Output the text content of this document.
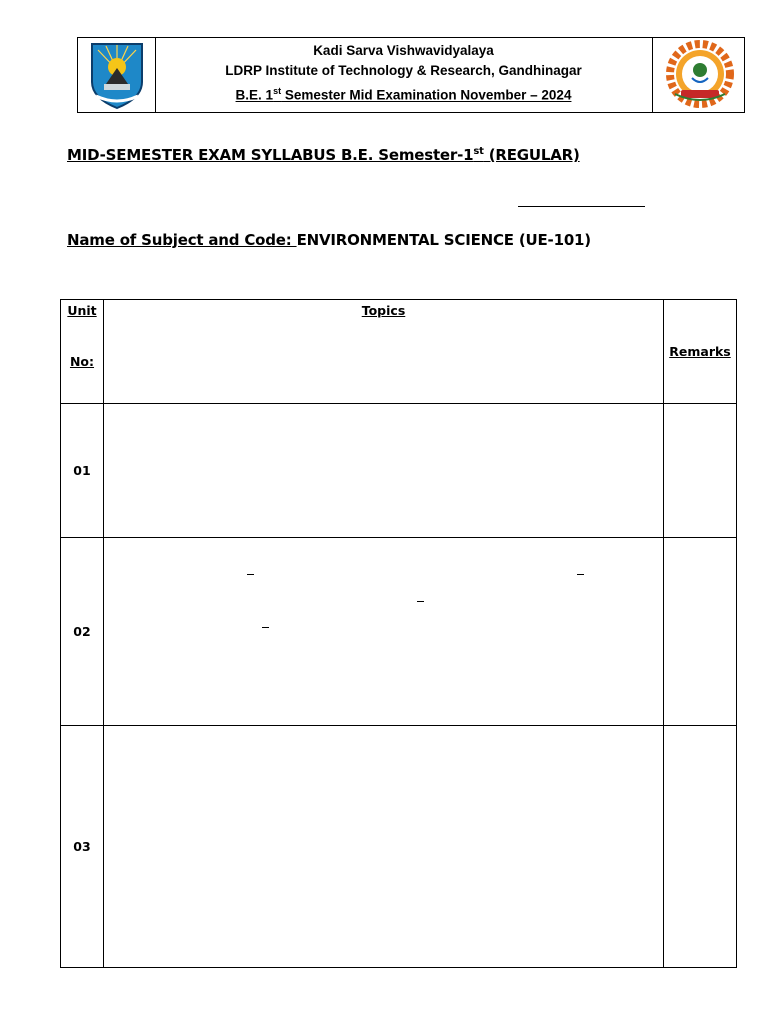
Kadi Sarva Vishwavidyalaya
LDRP Institute of Technology & Research, Gandhinagar
B.E. 1st Semester Mid Examination November – 2024

MID-SEMESTER EXAM SYLLABUS B.E. Semester-1st (REGULAR)

Name of Subject and Code: ENVIRONMENTAL SCIENCE (UE-101)
Unit
No:	Topics	Remarks
01		
02	

03		
